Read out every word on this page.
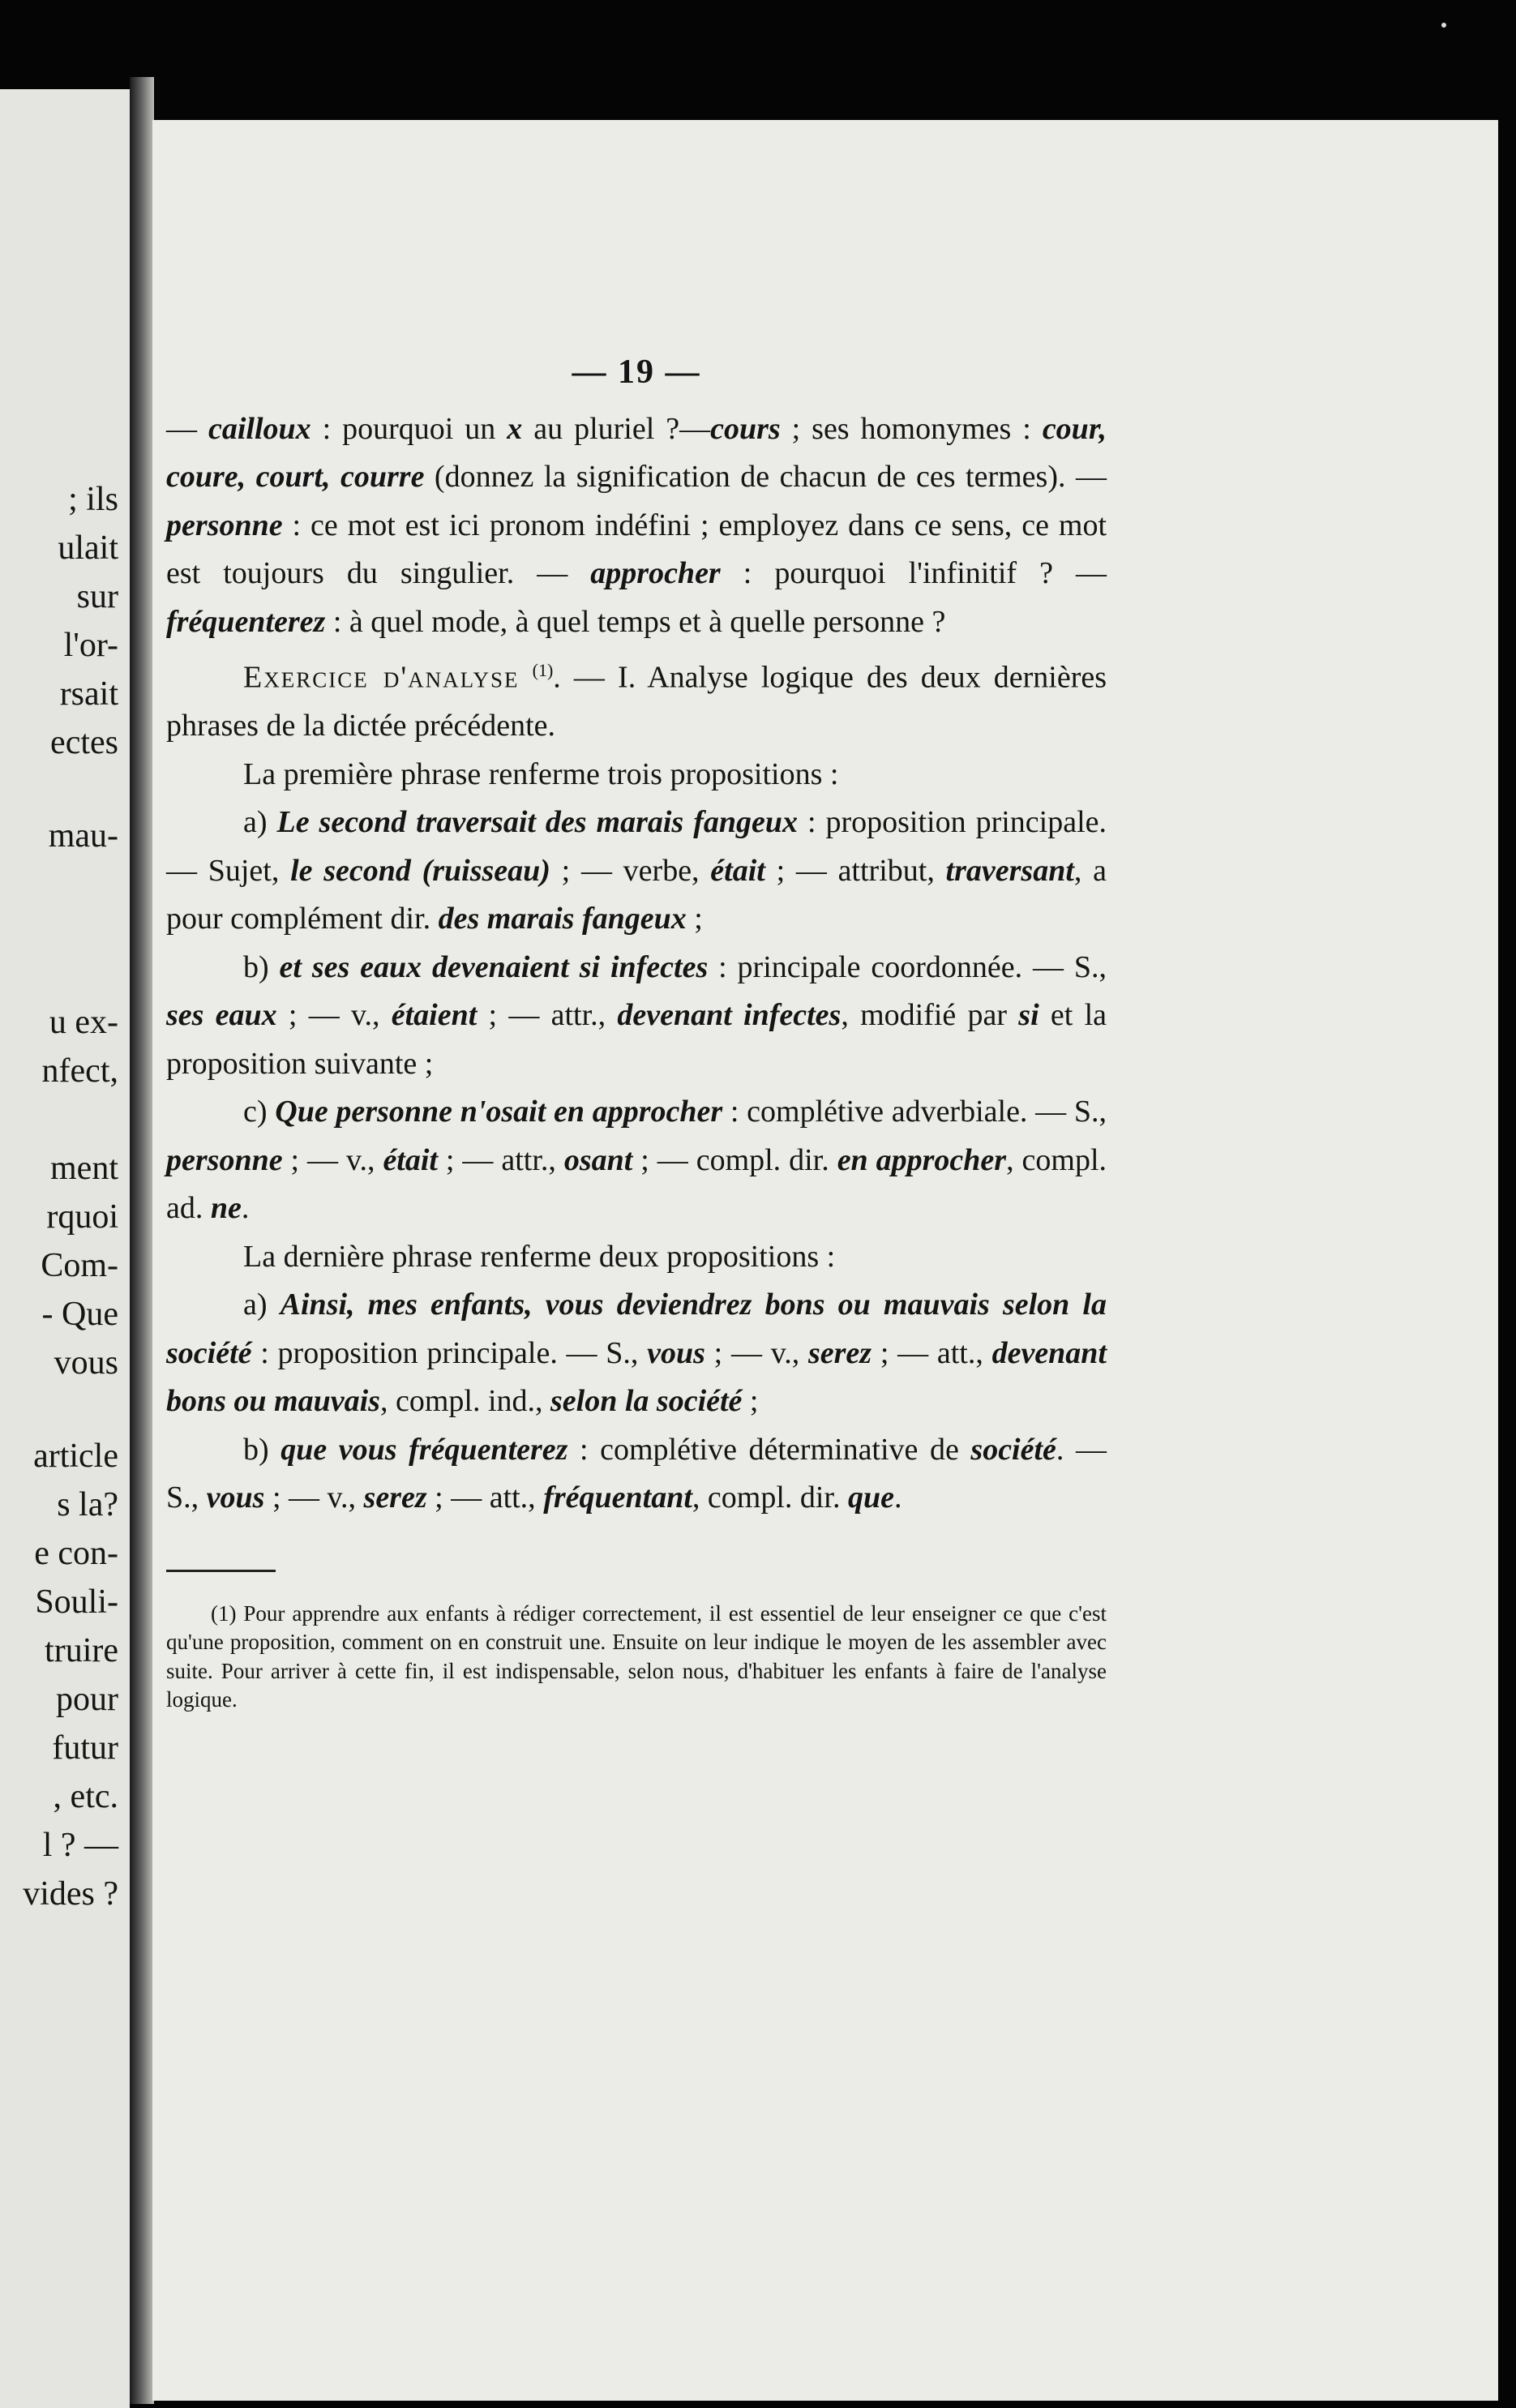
; ils
ulait
sur
l'or-
rsait
ectes
mau-
u ex-
nfect,
ment
rquoi
Com-
- Que
vous
article
s la?
e con-
Souli-
truire
pour
futur
, etc.
l ? —
vides ?
— 19 —

— cailloux : pourquoi un x au pluriel ?—cours ; ses homonymes : cour, coure, court, courre (donnez la signification de chacun de ces termes). — personne : ce mot est ici pronom indéfini ; employez dans ce sens, ce mot est toujours du singulier. — approcher : pourquoi l'infinitif ? — fréquenterez : à quel mode, à quel temps et à quelle personne ?

Exercice d'analyse $^{(1)}$. — I. Analyse logique des deux dernières phrases de la dictée précédente.

La première phrase renferme trois propositions :

a) Le second traversait des marais fangeux : proposition principale. — Sujet, le second (ruisseau) ; — verbe, était ; — attribut, traversant, a pour complément dir. des marais fangeux ;

b) et ses eaux devenaient si infectes : principale coordonnée. — S., ses eaux ; — v., étaient ; — attr., devenant infectes, modifié par si et la proposition suivante ;

c) Que personne n'osait en approcher : complétive adverbiale. — S., personne ; — v., était ; — attr., osant ; — compl. dir. en approcher, compl. ad. ne.

La dernière phrase renferme deux propositions :

a) Ainsi, mes enfants, vous deviendrez bons ou mauvais selon la société : proposition principale. — S., vous ; — v., serez ; — att., devenant bons ou mauvais, compl. ind., selon la société ;

b) que vous fréquenterez : complétive déterminative de société. — S., vous ; — v., serez ; — att., fréquentant, compl. dir. que.

(1) Pour apprendre aux enfants à rédiger correctement, il est essentiel de leur enseigner ce que c'est qu'une proposition, comment on en construit une. Ensuite on leur indique le moyen de les assembler avec suite. Pour arriver à cette fin, il est indispensable, selon nous, d'habituer les enfants à faire de l'analyse logique.
